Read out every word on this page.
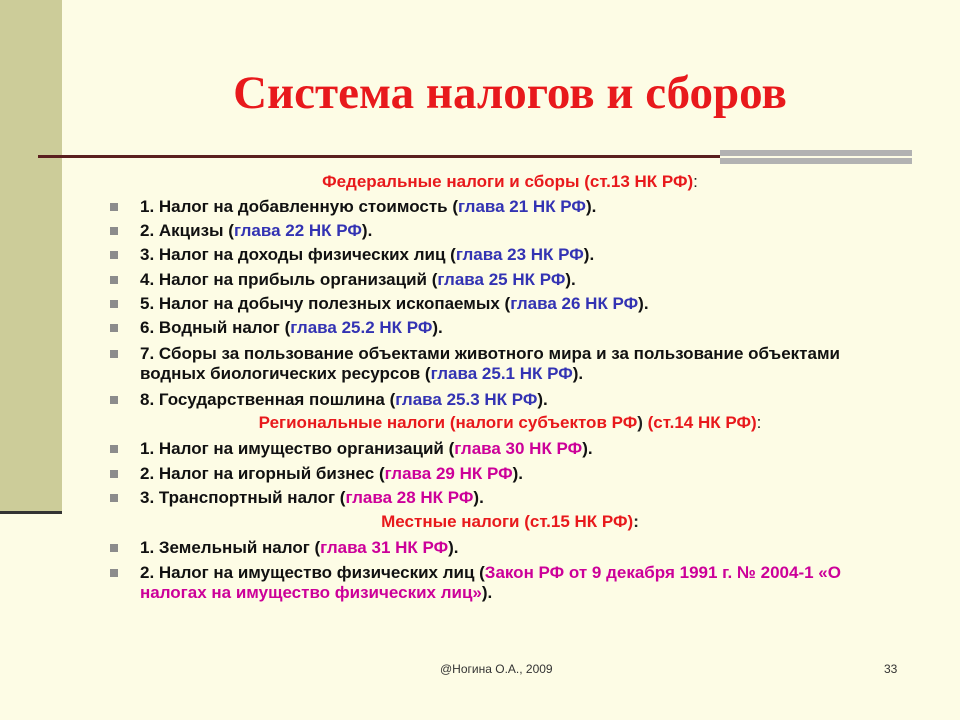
Система налогов и сборов
Федеральные налоги и сборы (ст.13 НК РФ):
1. Налог на добавленную стоимость (глава 21 НК РФ).
2. Акцизы (глава 22 НК РФ).
3. Налог на доходы физических лиц (глава 23 НК РФ).
4. Налог на прибыль организаций (глава 25 НК РФ).
5. Налог на добычу полезных ископаемых (глава 26 НК РФ).
6. Водный налог (глава 25.2 НК РФ).
7. Сборы за пользование объектами животного мира и за пользование объектами водных биологических ресурсов (глава 25.1 НК РФ).
8. Государственная пошлина (глава 25.3 НК РФ).
Региональные налоги (налоги субъектов РФ) (ст.14 НК РФ):
1. Налог на имущество организаций (глава 30 НК РФ).
2. Налог на игорный бизнес (глава 29 НК РФ).
3. Транспортный налог (глава 28 НК РФ).
Местные налоги (ст.15 НК РФ):
1. Земельный налог (глава 31 НК РФ).
2. Налог на имущество физических лиц (Закон РФ от 9 декабря 1991 г. № 2004-1 «О налогах на имущество физических лиц»).
@Ногина О.А., 2009	33
